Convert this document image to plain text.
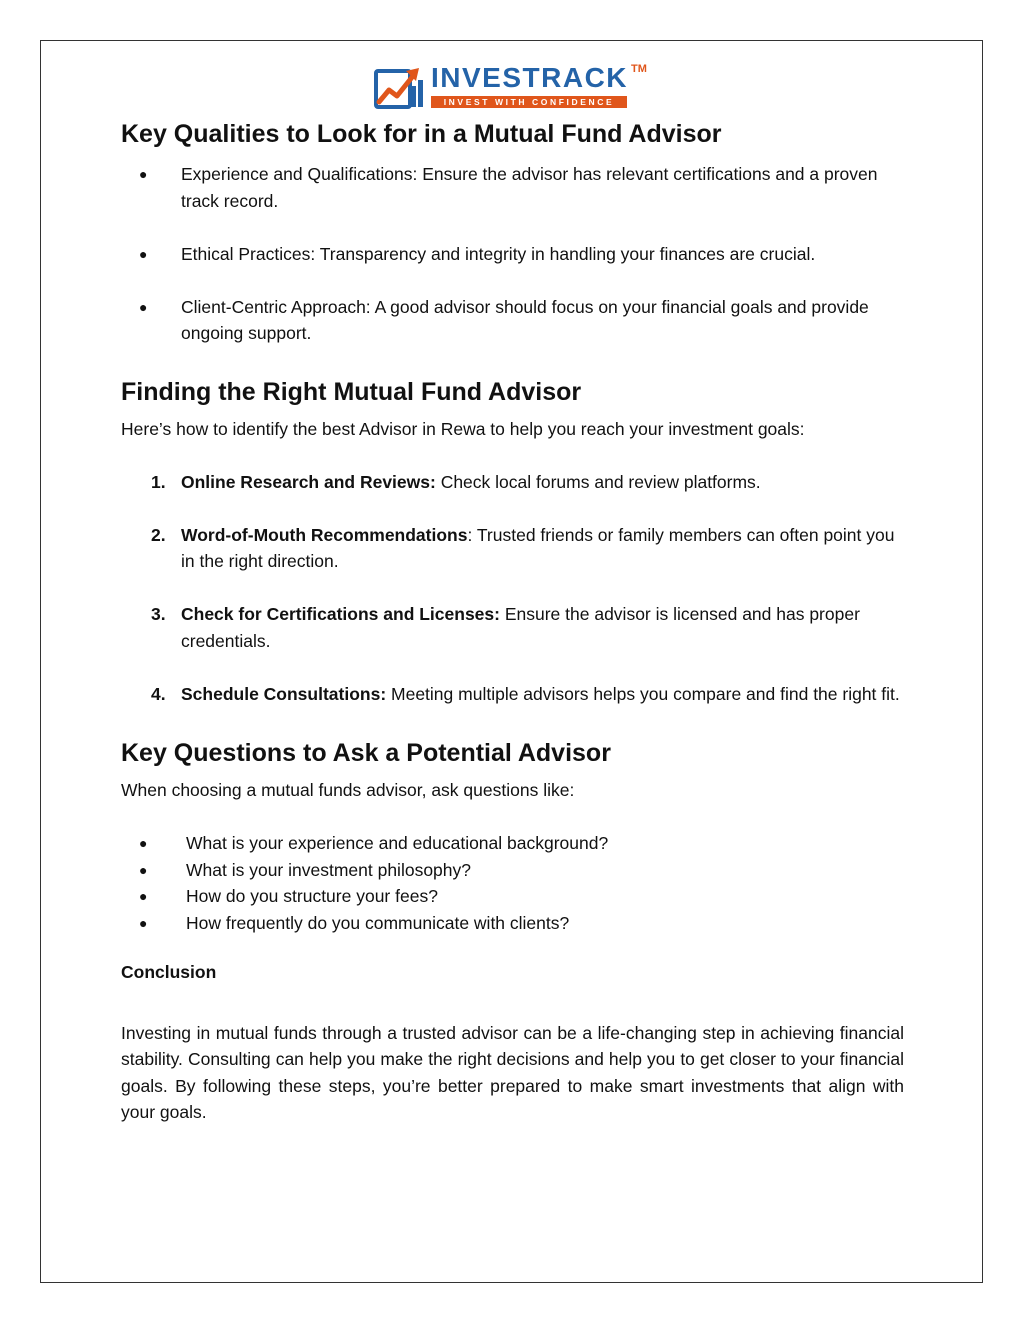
INVESTRACK TM
INVEST WITH CONFIDENCE
Key Qualities to Look for in a Mutual Fund Advisor
● Experience and Qualifications: Ensure the advisor has relevant certifications and a proven track record.
● Ethical Practices: Transparency and integrity in handling your finances are crucial.
● Client-Centric Approach: A good advisor should focus on your financial goals and provide ongoing support.
Finding the Right Mutual Fund Advisor
Here’s how to identify the best Advisor in Rewa to help you reach your investment goals:
1. Online Research and Reviews: Check local forums and review platforms.
2. Word-of-Mouth Recommendations: Trusted friends or family members can often point you in the right direction.
3. Check for Certifications and Licenses: Ensure the advisor is licensed and has proper credentials.
4. Schedule Consultations: Meeting multiple advisors helps you compare and find the right fit.
Key Questions to Ask a Potential Advisor
When choosing a mutual funds advisor, ask questions like:
● What is your experience and educational background?
● What is your investment philosophy?
● How do you structure your fees?
● How frequently do you communicate with clients?
Conclusion
Investing in mutual funds through a trusted advisor can be a life-changing step in achieving financial stability. Consulting can help you make the right decisions and help you to get closer to your financial goals. By following these steps, you’re better prepared to make smart investments that align with your goals.
